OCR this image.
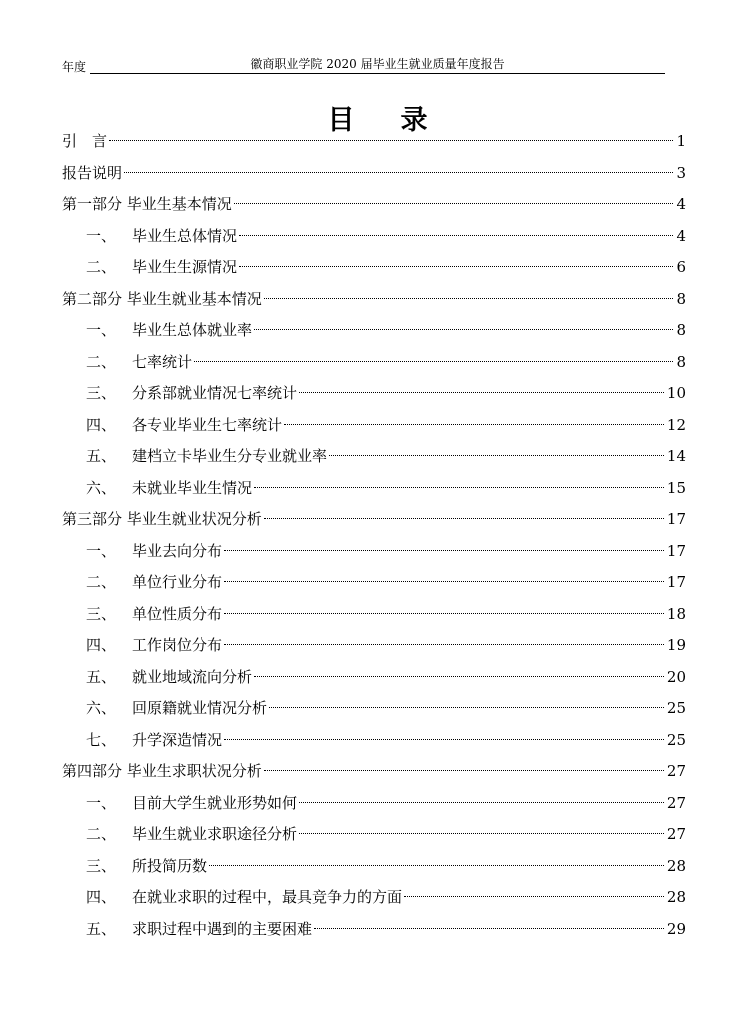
年度	徽商职业学院 2020 届毕业生就业质量年度报告
目 录
引　言	1
报告说明	3
第一部分 毕业生基本情况	4
一、 毕业生总体情况	4
二、 毕业生生源情况	6
第二部分 毕业生就业基本情况	8
一、 毕业生总体就业率	8
二、 七率统计	8
三、 分系部就业情况七率统计	10
四、 各专业毕业生七率统计	12
五、 建档立卡毕业生分专业就业率	14
六、 未就业毕业生情况	15
第三部分 毕业生就业状况分析	17
一、 毕业去向分布	17
二、 单位行业分布	17
三、 单位性质分布	18
四、 工作岗位分布	19
五、 就业地域流向分析	20
六、 回原籍就业情况分析	25
七、 升学深造情况	25
第四部分 毕业生求职状况分析	27
一、 目前大学生就业形势如何	27
二、 毕业生就业求职途径分析	27
三、 所投简历数	28
四、 在就业求职的过程中，最具竞争力的方面	28
五、 求职过程中遇到的主要困难	29
